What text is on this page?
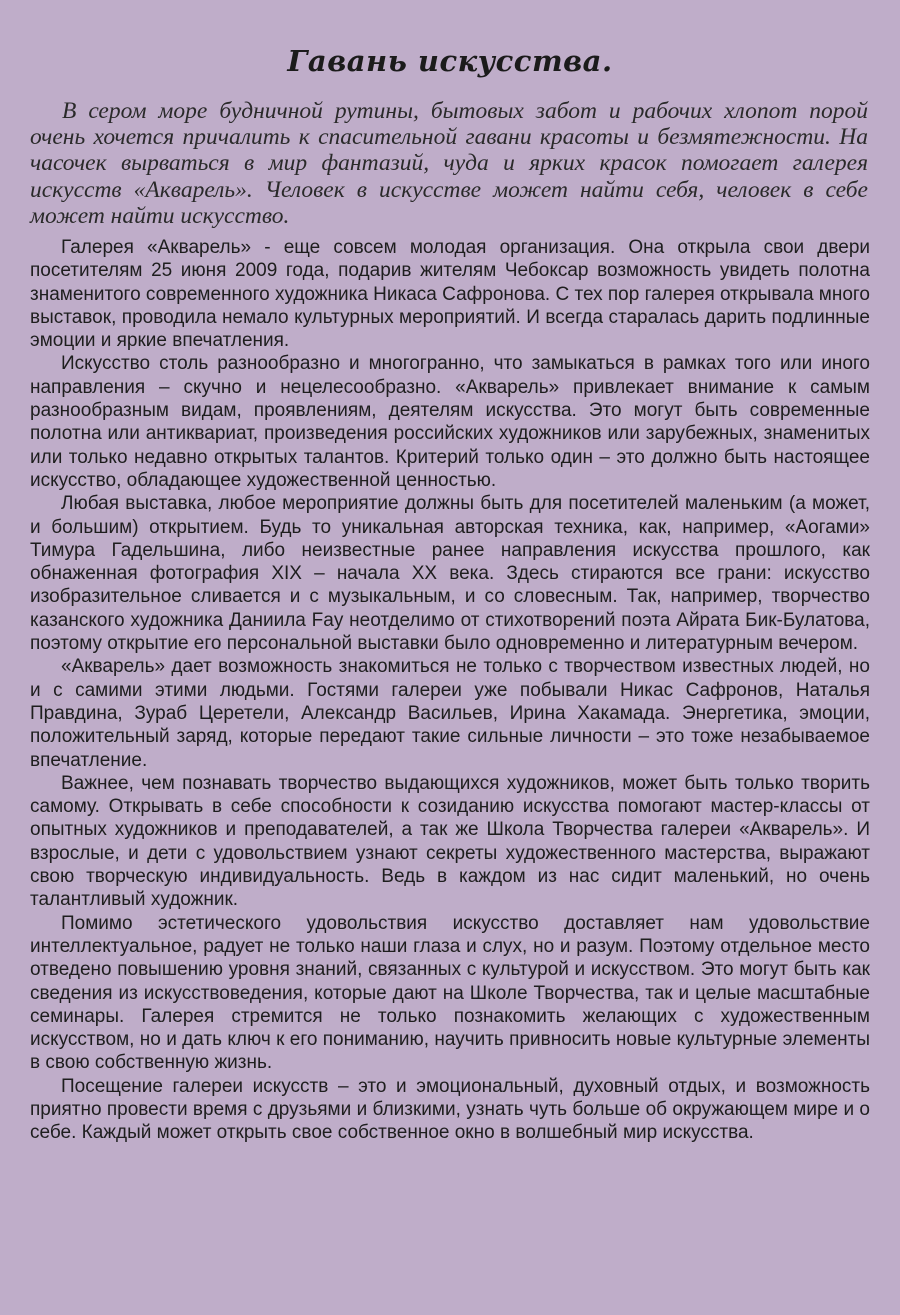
Гавань искусства.

В сером море будничной рутины, бытовых забот и рабочих хлопот порой очень хочется причалить к спасительной гавани красоты и безмятежности. На часочек вырваться в мир фантазий, чуда и ярких красок помогает галерея искусств «Акварель». Человек в искусстве может найти себя, человек в себе может найти искусство.

Галерея «Акварель» - еще совсем молодая организация. Она открыла свои двери посетителям 25 июня 2009 года, подарив жителям Чебоксар возможность увидеть полотна знаменитого современного художника Никаса Сафронова. С тех пор галерея открывала много выставок, проводила немало культурных мероприятий. И всегда старалась дарить подлинные эмоции и яркие впечатления.

Искусство столь разнообразно и многогранно, что замыкаться в рамках того или иного направления – скучно и нецелесообразно. «Акварель» привлекает внимание к самым разнообразным видам, проявлениям, деятелям искусства. Это могут быть современные полотна или антиквариат, произведения российских художников или зарубежных, знаменитых или только недавно открытых талантов. Критерий только один – это должно быть настоящее искусство, обладающее художественной ценностью.

Любая выставка, любое мероприятие должны быть для посетителей маленьким (а может, и большим) открытием. Будь то уникальная авторская техника, как, например, «Аогами» Тимура Гадельшина, либо неизвестные ранее направления искусства прошлого, как обнаженная фотография XIX – начала XX века. Здесь стираются все грани: искусство изобразительное сливается и с музыкальным, и со словесным. Так, например, творчество казанского художника Даниила Fay неотделимо от стихотворений поэта Айрата Бик-Булатова, поэтому открытие его персональной выставки было одновременно и литературным вечером.

«Акварель» дает возможность знакомиться не только с творчеством известных людей, но и с самими этими людьми. Гостями галереи уже побывали Никас Сафронов, Наталья Правдина, Зураб Церетели, Александр Васильев, Ирина Хакамада. Энергетика, эмоции, положительный заряд, которые передают такие сильные личности – это тоже незабываемое впечатление.

Важнее, чем познавать творчество выдающихся художников, может быть только творить самому. Открывать в себе способности к созиданию искусства помогают мастер-классы от опытных художников и преподавателей, а так же Школа Творчества галереи «Акварель». И взрослые, и дети с удовольствием узнают секреты художественного мастерства, выражают свою творческую индивидуальность. Ведь в каждом из нас сидит маленький, но очень талантливый художник.

Помимо эстетического удовольствия искусство доставляет нам удовольствие интеллектуальное, радует не только наши глаза и слух, но и разум. Поэтому отдельное место отведено повышению уровня знаний, связанных с культурой и искусством. Это могут быть как сведения из искусствоведения, которые дают на Школе Творчества, так и целые масштабные семинары. Галерея стремится не только познакомить желающих с художественным искусством, но и дать ключ к его пониманию, научить привносить новые культурные элементы в свою собственную жизнь.

Посещение галереи искусств – это и эмоциональный, духовный отдых, и возможность приятно провести время с друзьями и близкими, узнать чуть больше об окружающем мире и о себе. Каждый может открыть свое собственное окно в волшебный мир искусства.
